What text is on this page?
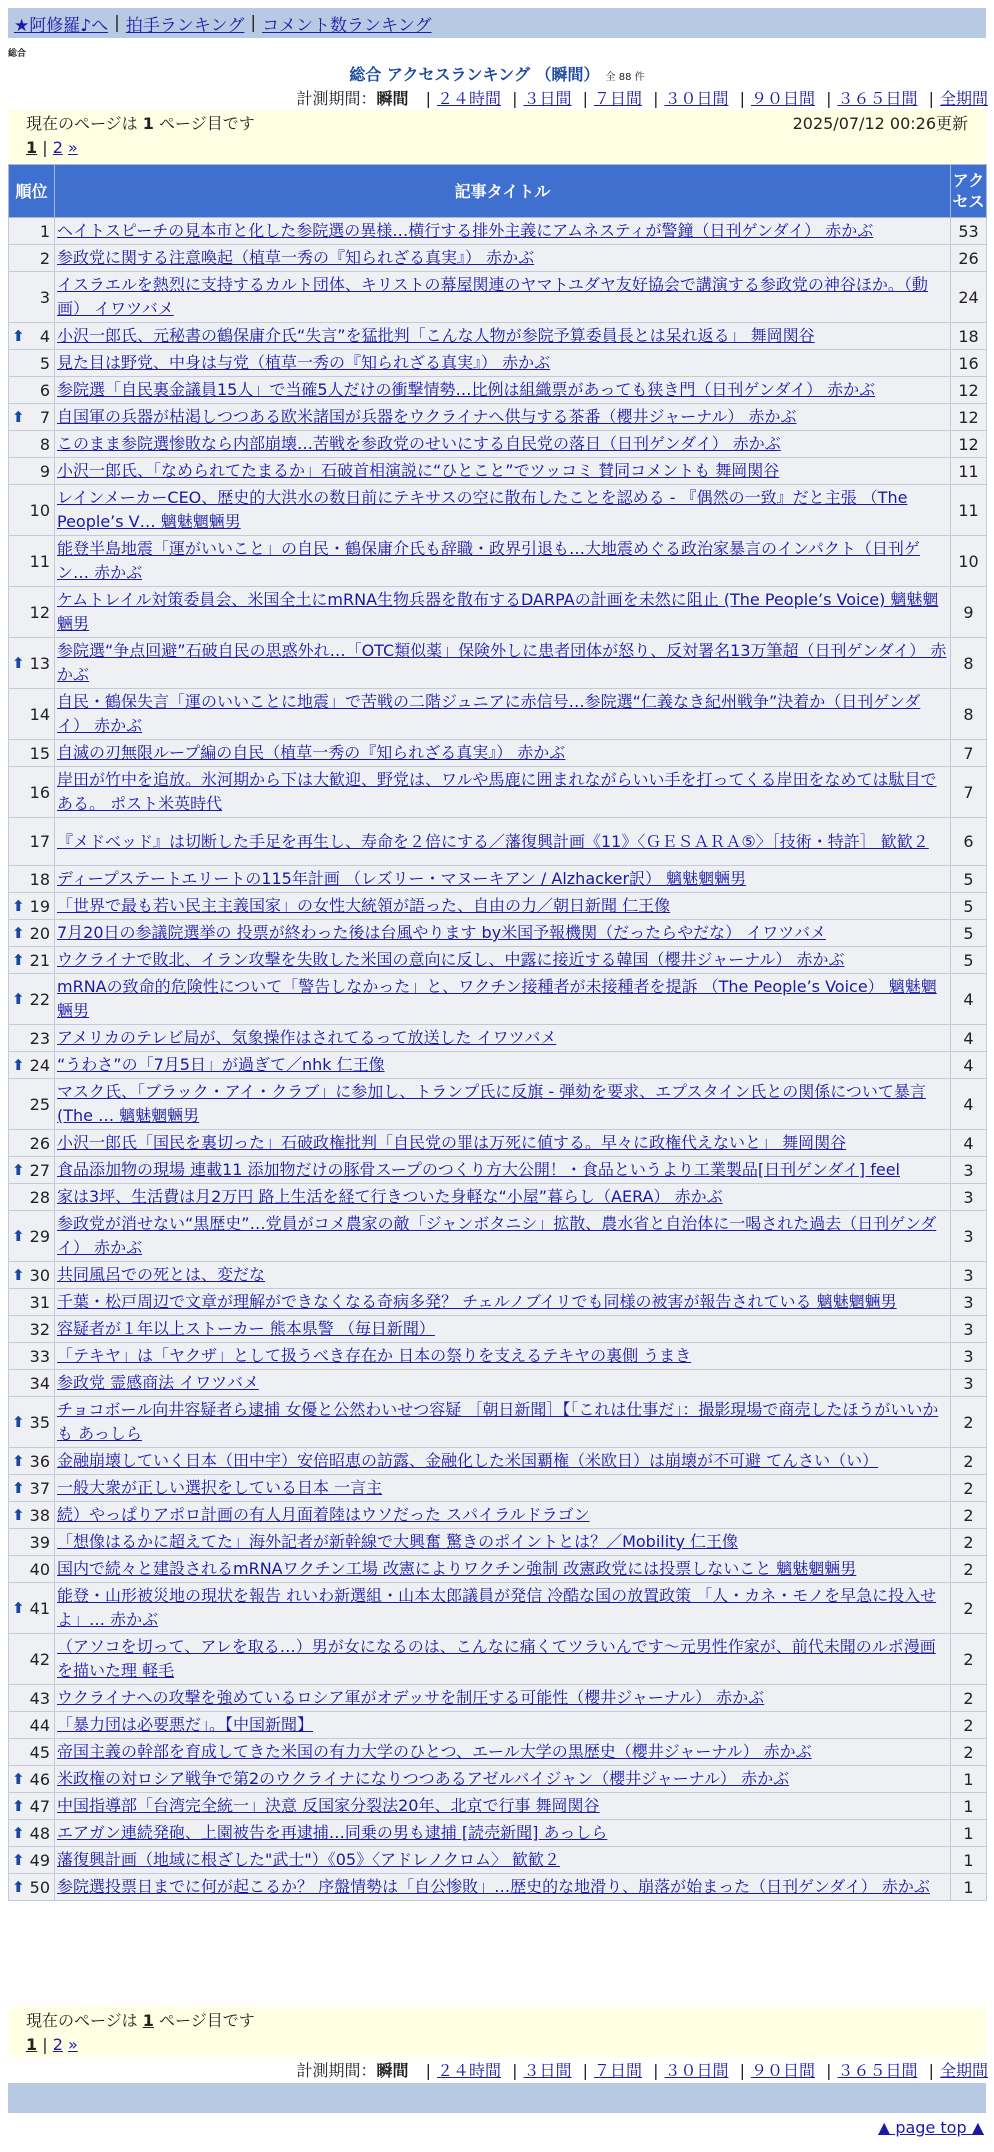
★阿修羅♪へ | 拍手ランキング | コメント数ランキング
総合
総合 アクセスランキング （瞬間） 全 88 件
計測期間：瞬間 | ２４時間 | ３日間 | ７日間 | ３０日間 | ９０日間 | ３６５日間 | 全期間
現在のページは 1 ページ目です	2025/07/12 00:26更新
1 | 2 »
順位	記事タイトル	アクセス
1	ヘイトスピーチの見本市と化した参院選の異様…横行する排外主義にアムネスティが警鐘（日刊ゲンダイ） 赤かぶ	53
2	参政党に関する注意喚起（植草一秀の『知られざる真実』） 赤かぶ	26
3	イスラエルを熱烈に支持するカルト団体、キリストの幕屋関連のヤマトユダヤ友好協会で講演する参政党の神谷ほか。（動画） イワツバメ	24

⬆ 4	小沢一郎氏、元秘書の鶴保庸介氏“失言”を猛批判「こんな人物が参院予算委員長とは呆れ返る」 舞岡関谷	18
5	見た目は野党、中身は与党（植草一秀の『知られざる真実』） 赤かぶ	16
6	参院選「自民裏金議員15人」で当確5人だけの衝撃情勢…比例は組織票があっても狭き門（日刊ゲンダイ） 赤かぶ	12

⬆ 7	自国軍の兵器が枯渇しつつある欧米諸国が兵器をウクライナへ供与する茶番（櫻井ジャーナル） 赤かぶ	12
8	このまま参院選惨敗なら内部崩壊…苦戦を参政党のせいにする自民党の落日（日刊ゲンダイ） 赤かぶ	12
9	小沢一郎氏、「なめられてたまるか」石破首相演説に“ひとこと”でツッコミ 賛同コメントも 舞岡関谷	11
10	レインメーカーCEO、歴史的大洪水の数日前にテキサスの空に散布したことを認める - 『偶然の一致』だと主張 （The People’s V… 魑魅魍魎男	11
11	能登半島地震「運がいいこと」の自民・鶴保庸介氏も辞職・政界引退も…大地震めぐる政治家暴言のインパクト（日刊ゲン… 赤かぶ	10
12	ケムトレイル対策委員会、米国全土にmRNA生物兵器を散布するDARPAの計画を未然に阻止 (The People’s Voice) 魑魅魍魎男	9

⬆ 13	参院選“争点回避”石破自民の思惑外れ…「OTC類似薬」保険外しに患者団体が怒り、反対署名13万筆超（日刊ゲンダイ） 赤かぶ	8
14	自民・鶴保失言「運のいいことに地震」で苦戦の二階ジュニアに赤信号…参院選“仁義なき紀州戦争”決着か（日刊ゲンダイ） 赤かぶ	8
15	自滅の刃無限ループ編の自民（植草一秀の『知られざる真実』） 赤かぶ	7
16	岸田が竹中を追放。氷河期から下は大歓迎、野党は、ワルや馬鹿に囲まれながらいい手を打ってくる岸田をなめては駄目である。 ポスト米英時代	7
17	『メドベッド』は切断した手足を再生し、寿命を２倍にする／藩復興計画《11》〈ＧＥＳＡＲＡ⑤〉［技術・特許］ 歓歓２	6
18	ディープステートエリートの115年計画 （レズリー・マヌーキアン / Alzhacker訳） 魑魅魍魎男	5

⬆ 19	「世界で最も若い民主主義国家」の女性大統領が語った、自由の力／朝日新聞 仁王像	5

⬆ 20	7月20日の参議院選挙の 投票が終わった後は台風やります by米国予報機関（だったらやだな） イワツバメ	5

⬆ 21	ウクライナで敗北、イラン攻撃を失敗した米国の意向に反し、中露に接近する韓国（櫻井ジャーナル） 赤かぶ	5

⬆ 22	mRNAの致命的危険性について「警告しなかった」と、ワクチン接種者が未接種者を提訴 （The People’s Voice） 魑魅魍魎男	4
23	アメリカのテレビ局が、気象操作はされてるって放送した イワツバメ	4

⬆ 24	“うわさ”の「7月5日」が過ぎて／nhk 仁王像	4
25	マスク氏、「ブラック・アイ・クラブ」に参加し、トランプ氏に反旗 - 弾劾を要求、エプスタイン氏との関係について暴言 (The … 魑魅魍魎男	4
26	小沢一郎氏「国民を裏切った」石破政権批判「自民党の罪は万死に値する。早々に政権代えないと」 舞岡関谷	4

⬆ 27	食品添加物の現場 連載11 添加物だけの豚骨スープのつくり方大公開！・食品というより工業製品[日刊ゲンダイ] feel	3
28	家は3坪、生活費は月2万円 路上生活を経て行きついた身軽な“小屋”暮らし（AERA） 赤かぶ	3

⬆ 29	参政党が消せない“黒歴史”…党員がコメ農家の敵「ジャンボタニシ」拡散、農水省と自治体に一喝された過去（日刊ゲンダイ） 赤かぶ	3

⬆ 30	共同風呂での死とは、変だな	3
31	千葉・松戸周辺で文章が理解ができなくなる奇病多発？ チェルノブイリでも同様の被害が報告されている 魑魅魍魎男	3
32	容疑者が１年以上ストーカー 熊本県警 （毎日新聞）	3
33	「テキヤ」は「ヤクザ」として扱うべき存在か 日本の祭りを支えるテキヤの裏側 うまき	3
34	参政党 霊感商法 イワツバメ	3

⬆ 35	チョコボール向井容疑者ら逮捕 女優と公然わいせつ容疑 ［朝日新聞］【「これは仕事だ」：撮影現場で商売したほうがいいかも あっしら	2

⬆ 36	金融崩壊していく日本（田中宇）安倍昭恵の訪露、金融化した米国覇権（米欧日）は崩壊が不可避 てんさい（い）	2

⬆ 37	一般大衆が正しい選択をしている日本 一言主	2

⬆ 38	続）やっぱりアポロ計画の有人月面着陸はウソだった スパイラルドラゴン	2
39	「想像はるかに超えてた」海外記者が新幹線で大興奮 驚きのポイントとは？／Mobility 仁王像	2
40	国内で続々と建設されるmRNAワクチン工場 改憲によりワクチン強制 改憲政党には投票しないこと 魑魅魍魎男	2

⬆ 41	能登・山形被災地の現状を報告 れいわ新選組・山本太郎議員が発信 冷酷な国の放置政策 「人・カネ・モノを早急に投入せよ」… 赤かぶ	2
42	（アソコを切って、アレを取る…）男が女になるのは、こんなに痛くてツラいんです〜元男性作家が、前代未聞のルポ漫画を描いた理 軽毛	2
43	ウクライナへの攻撃を強めているロシア軍がオデッサを制圧する可能性（櫻井ジャーナル） 赤かぶ	2
44	「暴力団は必要悪だ」。【中国新聞】	2
45	帝国主義の幹部を育成してきた米国の有力大学のひとつ、エール大学の黒歴史（櫻井ジャーナル） 赤かぶ	2

⬆ 46	米政権の対ロシア戦争で第2のウクライナになりつつあるアゼルバイジャン（櫻井ジャーナル） 赤かぶ	1

⬆ 47	中国指導部「台湾完全統一」決意 反国家分裂法20年、北京で行事 舞岡関谷	1

⬆ 48	エアガン連続発砲、上園被告を再逮捕…同乗の男も逮捕 [読売新聞] あっしら	1

⬆ 49	藩復興計画（地域に根ざした"武士"）《05》〈アドレノクロム〉 歓歓２	1

⬆ 50	参院選投票日までに何が起こるか？ 序盤情勢は「自公惨敗」…歴史的な地滑り、崩落が始まった（日刊ゲンダイ） 赤かぶ	1
現在のページは 1 ページ目です
1 | 2 »
計測期間：瞬間 | ２４時間 | ３日間 | ７日間 | ３０日間 | ９０日間 | ３６５日間 | 全期間
▲ page top ▲
